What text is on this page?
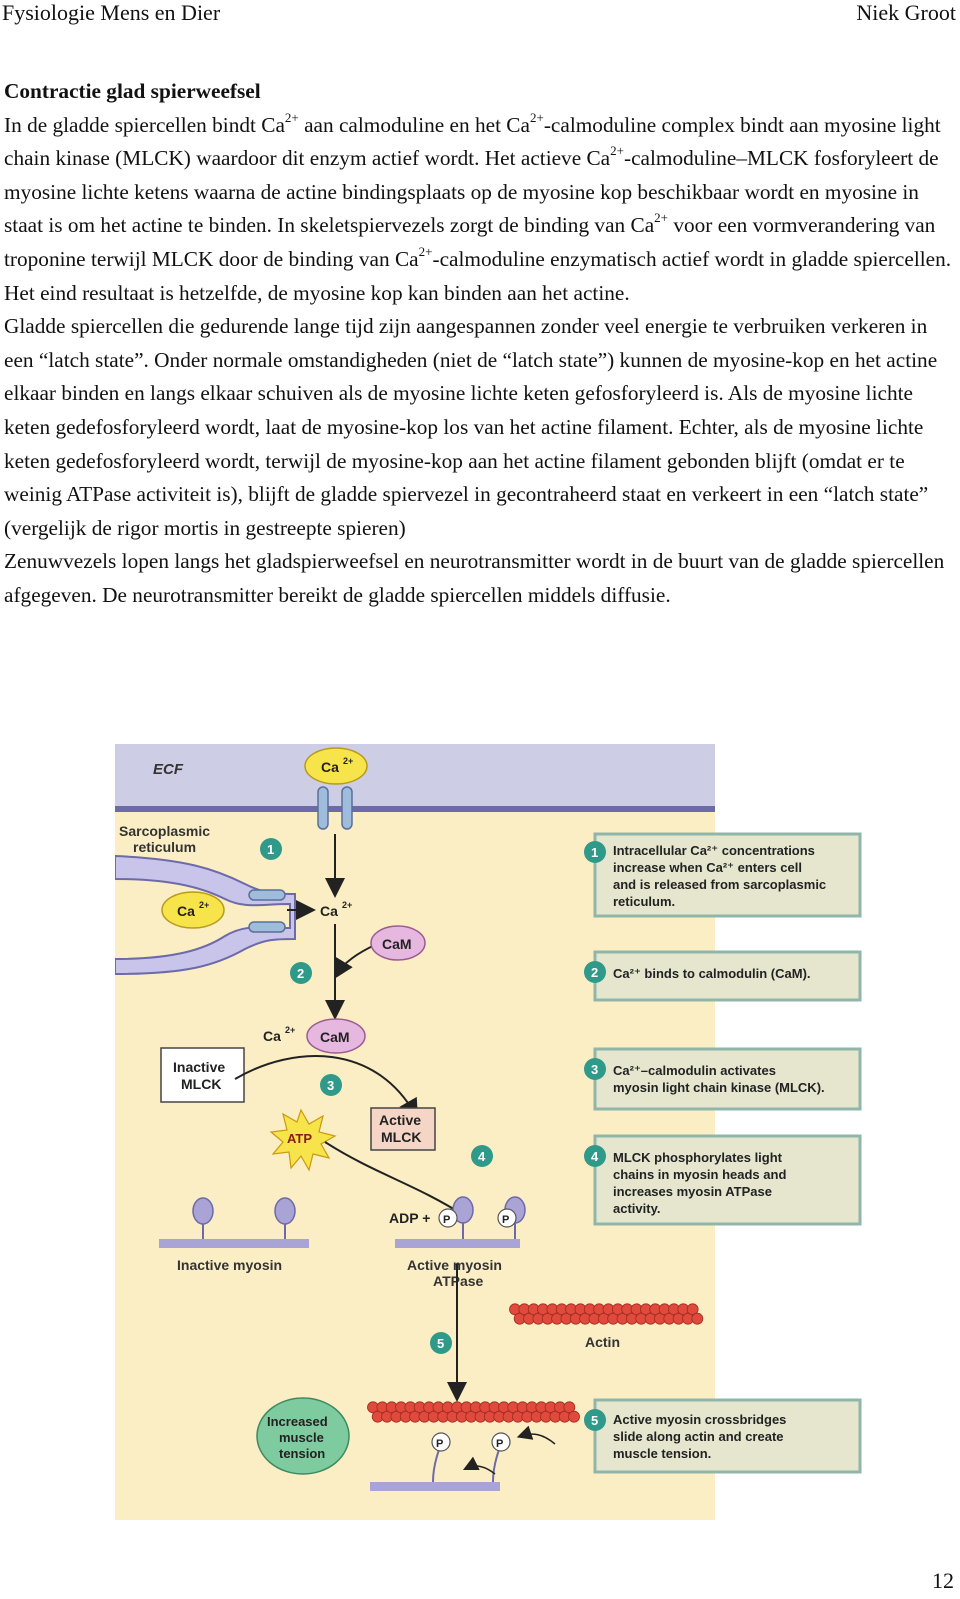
Fysiologie Mens en Dier	Niek Groot
Contractie glad spierweefsel

In de gladde spiercellen bindt $Ca^{2+}$ aan calmoduline en het $Ca^{2+}$-calmoduline complex bindt aan myosine light chain kinase (MLCK) waardoor dit enzym actief wordt. Het actieve $Ca^{2+}-calmoduline$–MLCK fosforyleert de myosine lichte ketens waarna de actine bindingsplaats op de myosine kop beschikbaar wordt en myosine in staat is om het actine te binden. In skeletspiervezels zorgt de binding van $Ca^{2+}$ voor een vormverandering van troponine terwijl MLCK door de binding van $Ca^{2+}$-calmoduline enzymatisch actief wordt in gladde spiercellen. Het eind resultaat is hetzelfde, de myosine kop kan binden aan het actine.

Gladde spiercellen die gedurende lange tijd zijn aangespannen zonder veel energie te verbruiken verkeren in een “latch state”. Onder normale omstandigheden (niet de “latch state”) kunnen de myosine-kop en het actine elkaar binden en langs elkaar schuiven als de myosine lichte keten gefosforyleerd is. Als de myosine lichte keten gedefosforyleerd wordt, laat de myosine-kop los van het actine filament. Echter, als de myosine lichte keten gedefosforyleerd wordt, terwijl de myosine-kop aan het actine filament gebonden blijft (omdat er te weinig ATPase activiteit is), blijft de gladde spiervezel in gecontraheerd staat en verkeert in een “latch state” (vergelijk de rigor mortis in gestreepte spieren)

Zenuwvezels lopen langs het gladspierweefsel en neurotransmitter wordt in de buurt van de gladde spiercellen afgegeven. De neurotransmitter bereikt de gladde spiercellen middels diffusie.

ECF	Ca 2+
Sarcoplasmic
reticulum
Ca 2+	Ca 2+
CaM
1
2
3
4
5
Ca 2+ CaM
Inactive
MLCK
Active
MLCK
ATP
Inactive myosin
ADP + P	P
Active myosin
ATPase
Actin
P	P
Increased
muscle
tension
1 Intracellular Ca²⁺ concentrations
increase when Ca²⁺ enters cell
and is released from sarcoplasmic
reticulum.
2 Ca²⁺ binds to calmodulin (CaM).
3 Ca²⁺–calmodulin activates
myosin light chain kinase (MLCK).
4 MLCK phosphorylates light
chains in myosin heads and
increases myosin ATPase
activity.
5 Active myosin crossbridges
slide along actin and create
muscle tension.
12
